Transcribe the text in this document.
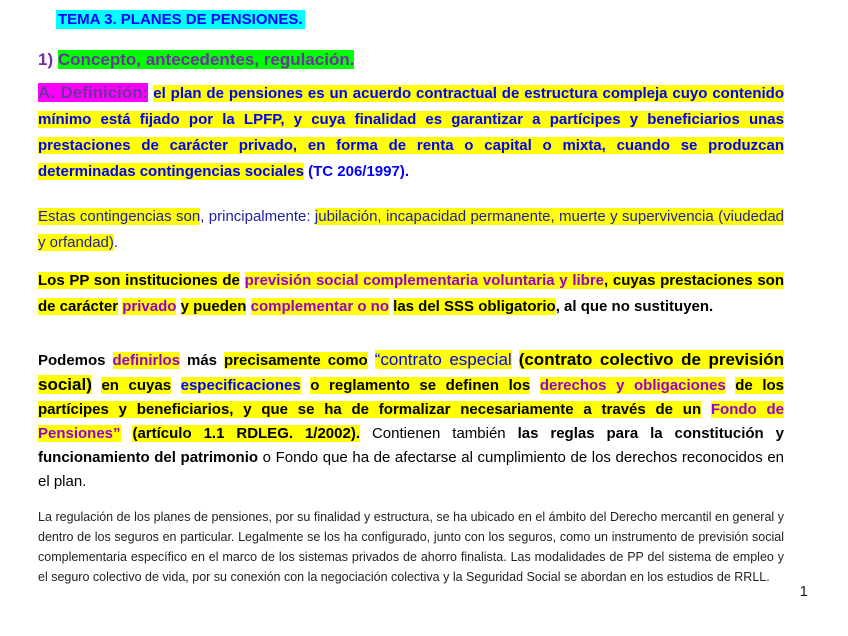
TEMA 3. PLANES DE PENSIONES.
1) Concepto, antecedentes, regulación.
A. Definición: el plan de pensiones es un acuerdo contractual de estructura compleja cuyo contenido mínimo está fijado por la LPFP, y cuya finalidad es garantizar a partícipes y beneficiarios unas prestaciones de carácter privado, en forma de renta o capital o mixta, cuando se produzcan determinadas contingencias sociales (TC 206/1997).
Estas contingencias son, principalmente: jubilación, incapacidad permanente, muerte y supervivencia (viudedad y orfandad).
Los PP son instituciones de previsión social complementaria voluntaria y libre, cuyas prestaciones son de carácter privado y pueden complementar o no las del SSS obligatorio, al que no sustituyen.
Podemos definirlos más precisamente como “contrato especial (contrato colectivo de previsión social) en cuyas especificaciones o reglamento se definen los derechos y obligaciones de los partícipes y beneficiarios, y que se ha de formalizar necesariamente a través de un Fondo de Pensiones” (artículo 1.1 RDLEG. 1/2002). Contienen también las reglas para la constitución y funcionamiento del patrimonio o Fondo que ha de afectarse al cumplimiento de los derechos reconocidos en el plan.
La regulación de los planes de pensiones, por su finalidad y estructura, se ha ubicado en el ámbito del Derecho mercantil en general y dentro de los seguros en particular. Legalmente se los ha configurado, junto con los seguros, como un instrumento de previsión social complementaria específico en el marco de los sistemas privados de ahorro finalista. Las modalidades de PP del sistema de empleo y el seguro colectivo de vida, por su conexión con la negociación colectiva y la Seguridad Social se abordan en los estudios de RRLL.
1
